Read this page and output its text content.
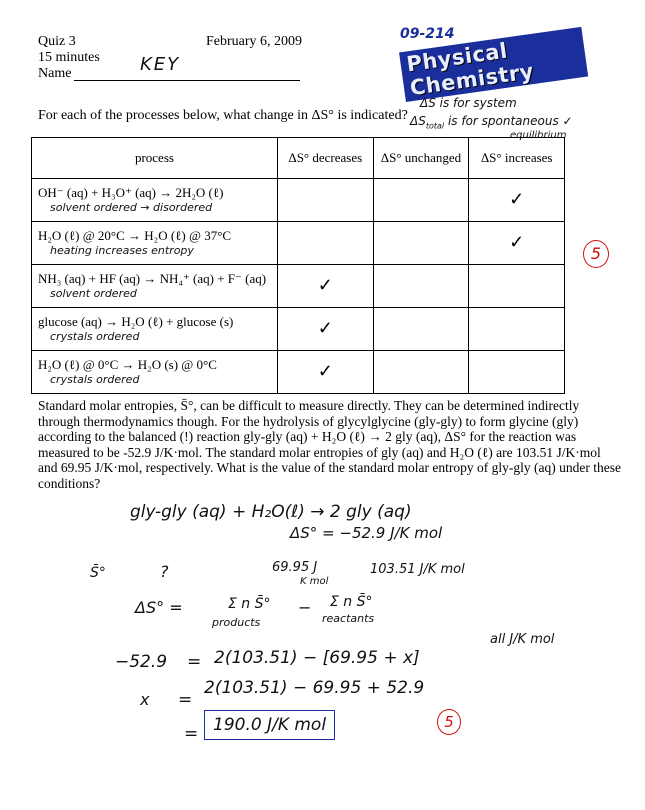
Quiz 3	February 6, 2009
15 minutes
Name	KEY
09-214
Physical Chemistry
For each of the processes below, what change in ΔS° is indicated?
ΔS is for system
$\Delta S_{total}$ is for spontaneous ✓
equilibrium
process	ΔS° decreases	ΔS° unchanged	ΔS° increases

OH⁻ (aq) + H₃O⁺ (aq) → 2H₂O (ℓ)
solvent ordered → disordered			✓

H₂O (ℓ) @ 20°C → H₂O (ℓ) @ 37°C
heating increases entropy			✓

NH₃ (aq) + HF (aq) → NH₄⁺ (aq) + F⁻ (aq)
solvent ordered	✓		

glucose (aq) → H₂O (ℓ) + glucose (s)
crystals ordered	✓		

H₂O (ℓ) @ 0°C → H₂O (s) @ 0°C
crystals ordered	✓		

5
Standard molar entropies, S̄°, can be difficult to measure directly. They can be determined indirectly through thermodynamics though. For the hydrolysis of glycylglycine (gly-gly) to form glycine (gly) according to the balanced (!) reaction gly-gly (aq) + H₂O (ℓ) → 2 gly (aq), ΔS° for the reaction was measured to be -52.9 J/K·mol. The standard molar entropies of gly (aq) and H₂O (ℓ) are 103.51 J/K·mol and 69.95 J/K·mol, respectively. What is the value of the standard molar entropy of gly-gly (aq) under these conditions?
gly-gly (aq) + H₂O(ℓ) → 2 gly (aq)
ΔS° = −52.9 J/K mol
S̄°	?	69.95 J
K mol
103.51 J/K mol
ΔS° =	Σ n S̄°
products
− Σ n S̄°
reactants
−52.9 = 2(103.51) − [69.95 + x]
all J/K mol
x =
2(103.51) − 69.95 + 52.9
= 190.0 J/K mol	5
